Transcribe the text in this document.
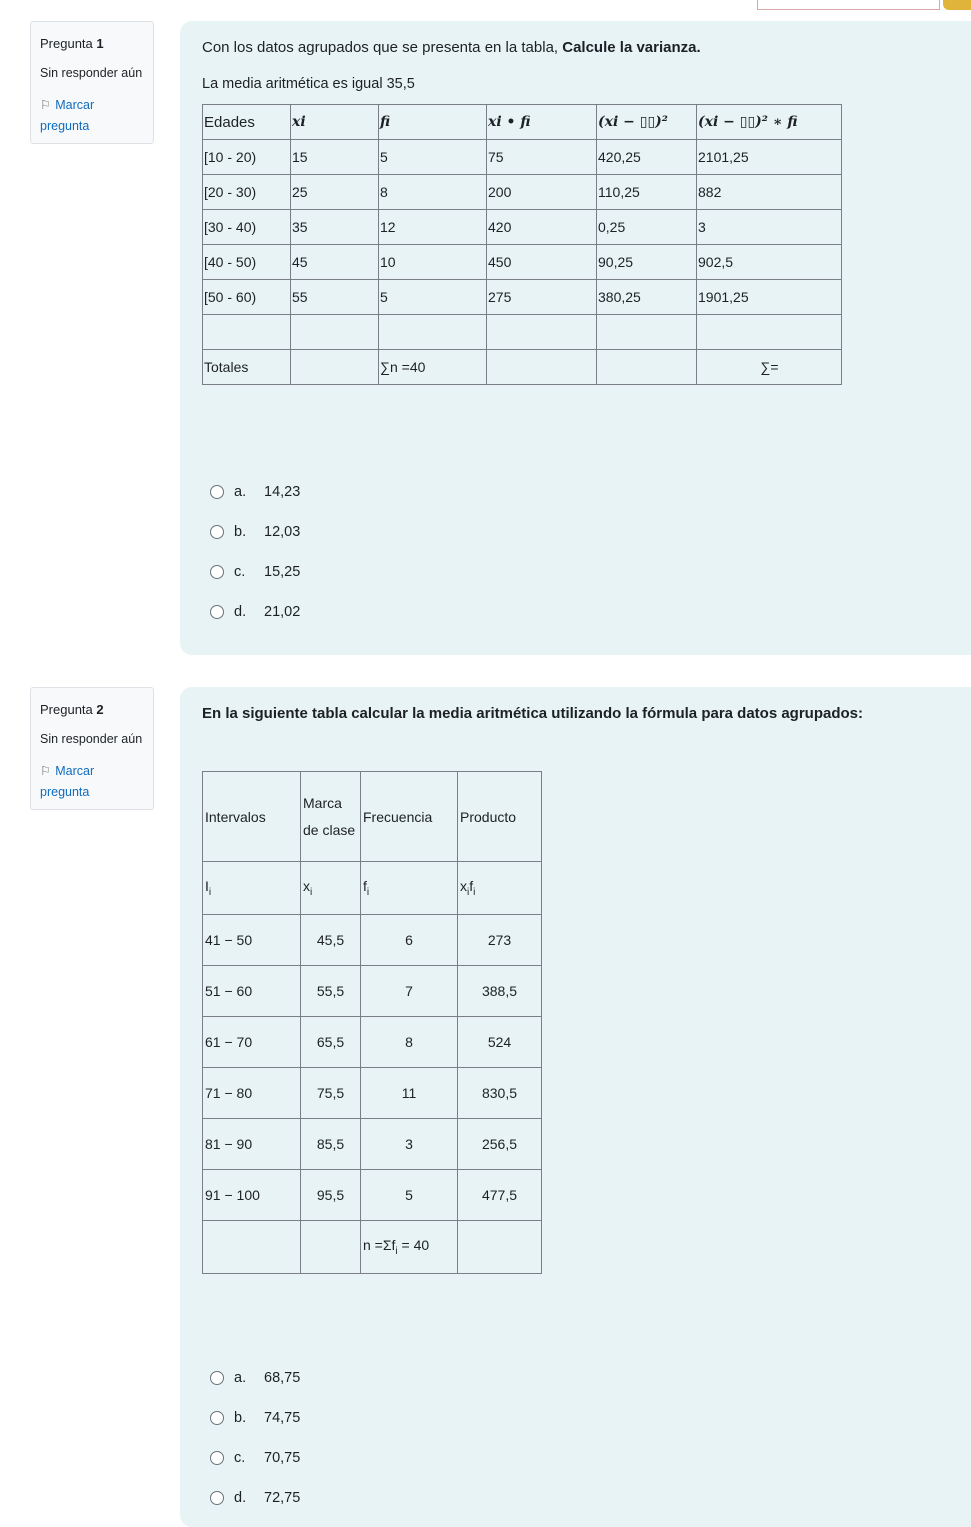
Pregunta 1
Sin responder aún
⚐ Marcar pregunta
Con los datos agrupados que se presenta en la tabla, Calcule la varianza.
La media aritmética es igual 35,5
Edades	xi	fi	xi • fi	(xi − ▯▯)²	(xi − ▯▯)² ∗ fi
[10 - 20)	15	5	75	420,25	2101,25
[20 - 30)	25	8	200	110,25	882
[30 - 40)	35	12	420	0,25	3
[40 - 50)	45	10	450	90,25	902,5
[50 - 60)	55	5	275	380,25	1901,25

Totales		∑n =40			∑=
a.	14,23
b.	12,03
c.	15,25
d.	21,02
Pregunta 2
Sin responder aún
⚐ Marcar pregunta
En la siguiente tabla calcular la media aritmética utilizando la fórmula para datos agrupados:
Intervalos	Marca de clase	Frecuencia	Producto
$I_i$	$x_i$	$f_i$	$x_if_i$
41 − 50	45,5	6	273
51 − 60	55,5	7	388,5
61 − 70	65,5	8	524
71 − 80	75,5	11	830,5
81 − 90	85,5	3	256,5
91 − 100	95,5	5	477,5
		$n =\Sigma f_i = 40$	
a.	68,75
b.	74,75
c.	70,75
d.	72,75
